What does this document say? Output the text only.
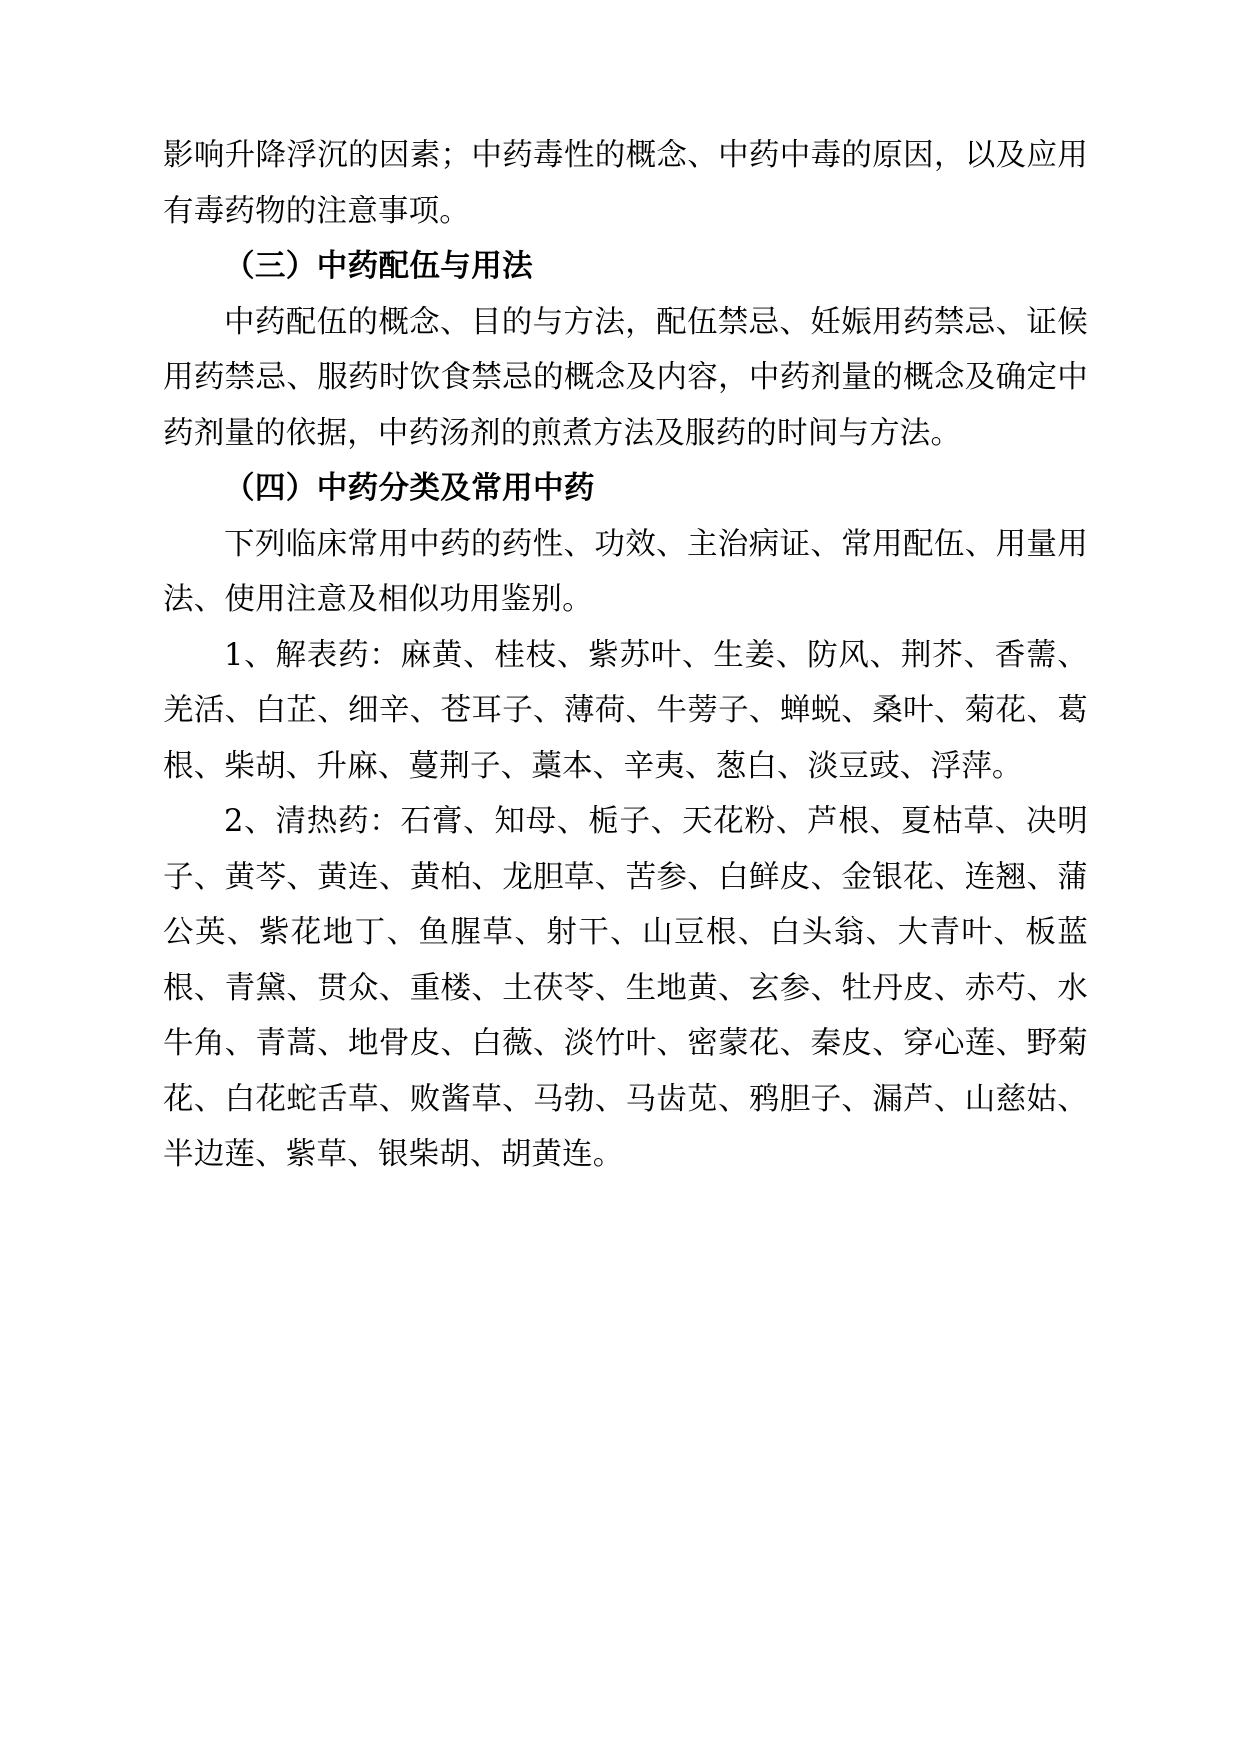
影响升降浮沉的因素；中药毒性的概念、中药中毒的原因，以及应用有毒药物的注意事项。

（三）中药配伍与用法

中药配伍的概念、目的与方法，配伍禁忌、妊娠用药禁忌、证候用药禁忌、服药时饮食禁忌的概念及内容，中药剂量的概念及确定中药剂量的依据，中药汤剂的煎煮方法及服药的时间与方法。

（四）中药分类及常用中药

下列临床常用中药的药性、功效、主治病证、常用配伍、用量用法、使用注意及相似功用鉴别。

1、解表药：麻黄、桂枝、紫苏叶、生姜、防风、荆芥、香薷、羌活、白芷、细辛、苍耳子、薄荷、牛蒡子、蝉蜕、桑叶、菊花、葛根、柴胡、升麻、蔓荆子、藁本、辛夷、葱白、淡豆豉、浮萍。

2、清热药：石膏、知母、栀子、天花粉、芦根、夏枯草、决明子、黄芩、黄连、黄柏、龙胆草、苦参、白鲜皮、金银花、连翘、蒲公英、紫花地丁、鱼腥草、射干、山豆根、白头翁、大青叶、板蓝根、青黛、贯众、重楼、土茯苓、生地黄、玄参、牡丹皮、赤芍、水牛角、青蒿、地骨皮、白薇、淡竹叶、密蒙花、秦皮、穿心莲、野菊花、白花蛇舌草、败酱草、马勃、马齿苋、鸦胆子、漏芦、山慈姑、半边莲、紫草、银柴胡、胡黄连。
